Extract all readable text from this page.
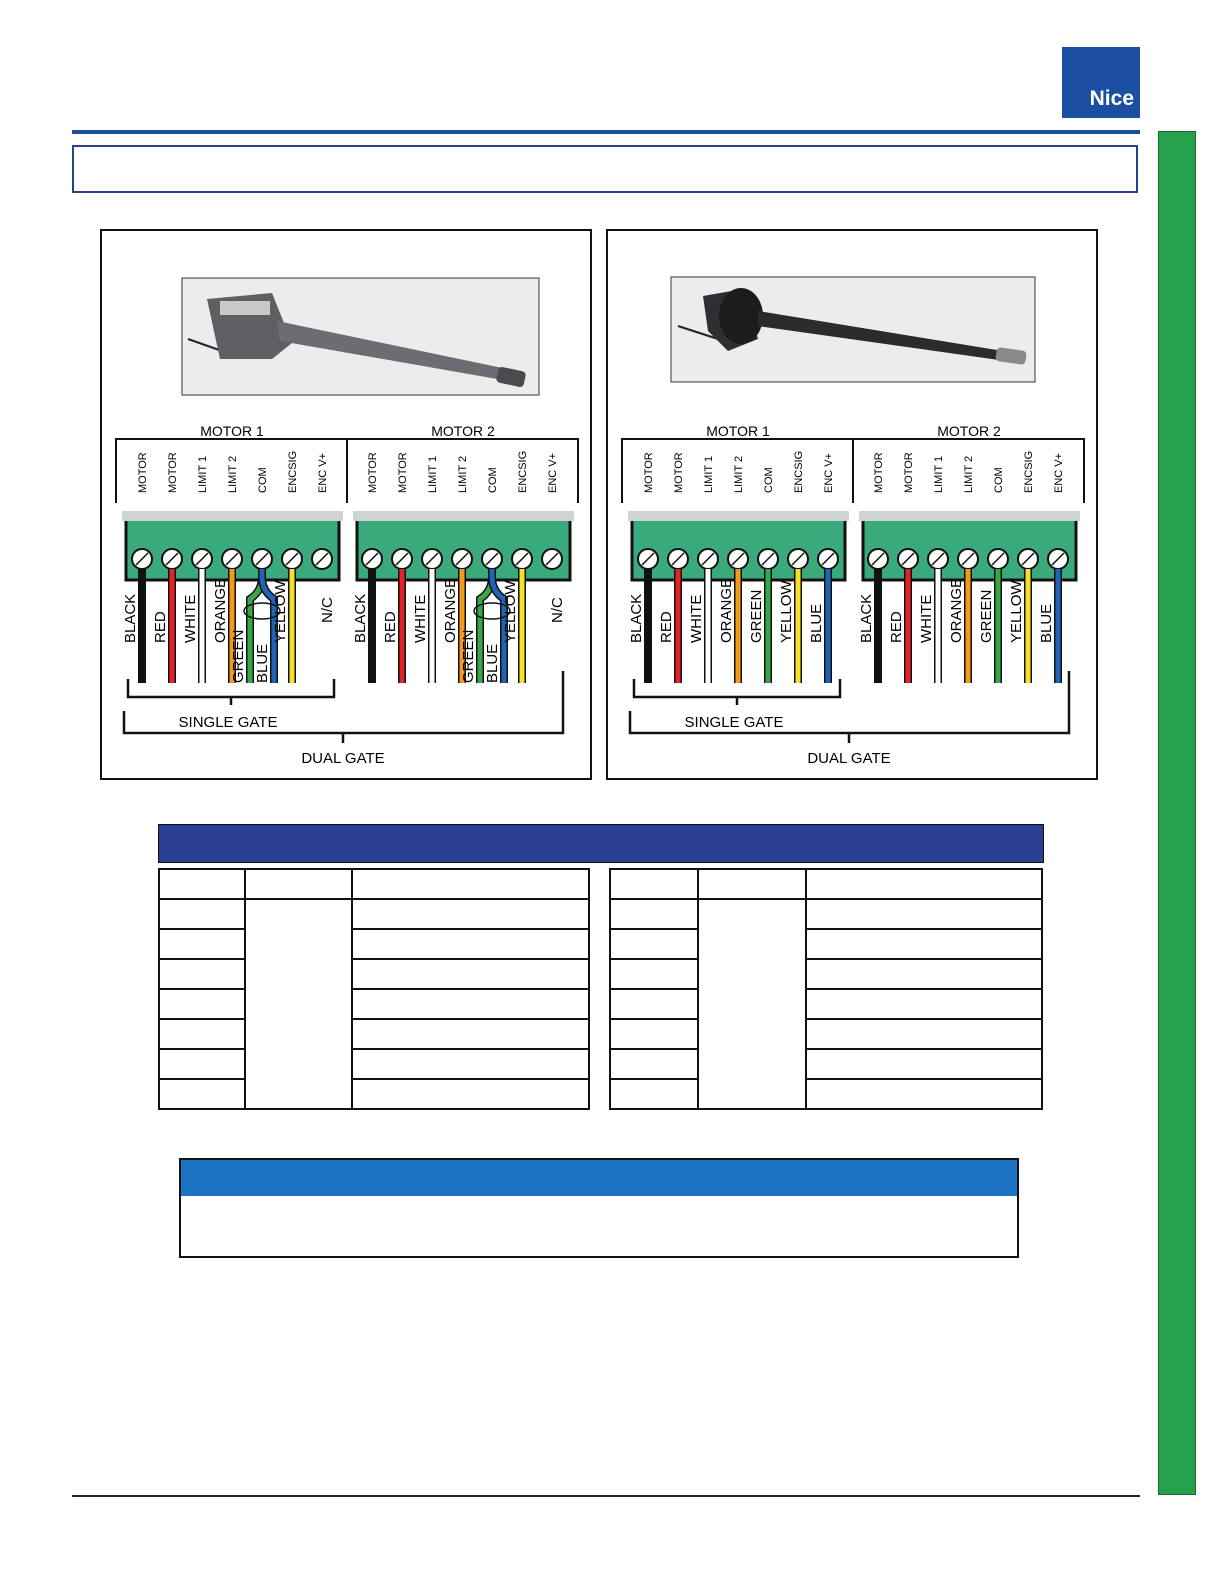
Nice
MOTOR 1	MOTOR 2
MOTOR MOTOR LIMIT 1 LIMIT 2 COM ENCSIG ENC V+
BLACK RED WHITE ORANGE
GREEN BLUE
YELLOW N/C
MOTOR MOTOR LIMIT 1 LIMIT 2 COM ENCSIG ENC V+
BLACK RED WHITE ORANGE
GREEN BLUE
YELLOW N/C
SINGLE GATE
DUAL GATE
MOTOR 1	MOTOR 2
MOTOR MOTOR LIMIT 1 LIMIT 2 COM ENCSIG ENC V+
BLACK RED WHITE ORANGE GREEN YELLOW BLUE
MOTOR MOTOR LIMIT 1 LIMIT 2 COM ENCSIG ENC V+
BLACK RED WHITE ORANGE GREEN YELLOW BLUE
SINGLE GATE
DUAL GATE
